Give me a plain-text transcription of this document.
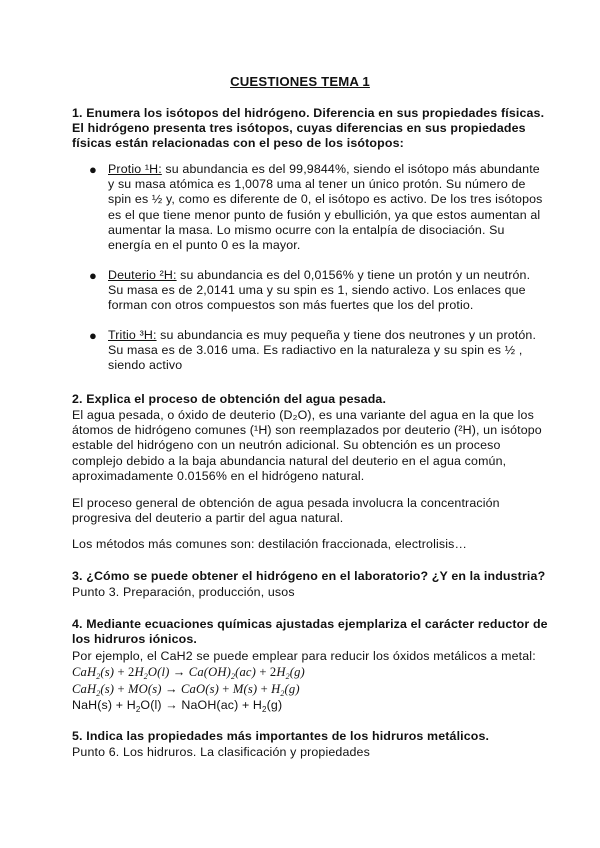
CUESTIONES TEMA 1
1. Enumera los isótopos del hidrógeno. Diferencia en sus propiedades físicas.
El hidrógeno presenta tres isótopos, cuyas diferencias en sus propiedades
físicas están relacionadas con el peso de los isótopos:
● Protio ¹H: su abundancia es del 99,9844%, siendo el isótopo más abundante
y su masa atómica es 1,0078 uma al tener un único protón. Su número de
spin es ½ y, como es diferente de 0, el isótopo es activo. De los tres isótopos
es el que tiene menor punto de fusión y ebullición, ya que estos aumentan al
aumentar la masa. Lo mismo ocurre con la entalpía de disociación. Su
energía en el punto 0 es la mayor.
● Deuterio ²H: su abundancia es del 0,0156% y tiene un protón y un neutrón.
Su masa es de 2,0141 uma y su spin es 1, siendo activo. Los enlaces que
forman con otros compuestos son más fuertes que los del protio.
● Tritio ³H: su abundancia es muy pequeña y tiene dos neutrones y un protón.
Su masa es de 3.016 uma. Es radiactivo en la naturaleza y su spin es ½ ,
siendo activo
2. Explica el proceso de obtención del agua pesada.
El agua pesada, o óxido de deuterio (D₂O), es una variante del agua en la que los
átomos de hidrógeno comunes (¹H) son reemplazados por deuterio (²H), un isótopo
estable del hidrógeno con un neutrón adicional. Su obtención es un proceso
complejo debido a la baja abundancia natural del deuterio en el agua común,
aproximadamente 0.0156% en el hidrógeno natural.
El proceso general de obtención de agua pesada involucra la concentración
progresiva del deuterio a partir del agua natural.
Los métodos más comunes son: destilación fraccionada, electrolisis…
3. ¿Cómo se puede obtener el hidrógeno en el laboratorio? ¿Y en la industria?
Punto 3. Preparación, producción, usos
4. Mediante ecuaciones químicas ajustadas ejemplariza el carácter reductor de
los hidruros iónicos.
Por ejemplo, el CaH2 se puede emplear para reducir los óxidos metálicos a metal:
$CaH_2(s) + 2H_2O(l) \to Ca(OH)_2(ac) + 2H_2(g)$
$CaH_2(s) + MO(s) \to CaO(s) + M(s) + H_2(g)$
$NaH(s) + H_2O(l)$ → NaOH(ac) + $H_2(g)$
5. Indica las propiedades más importantes de los hidruros metálicos.
Punto 6. Los hidruros. La clasificación y propiedades
